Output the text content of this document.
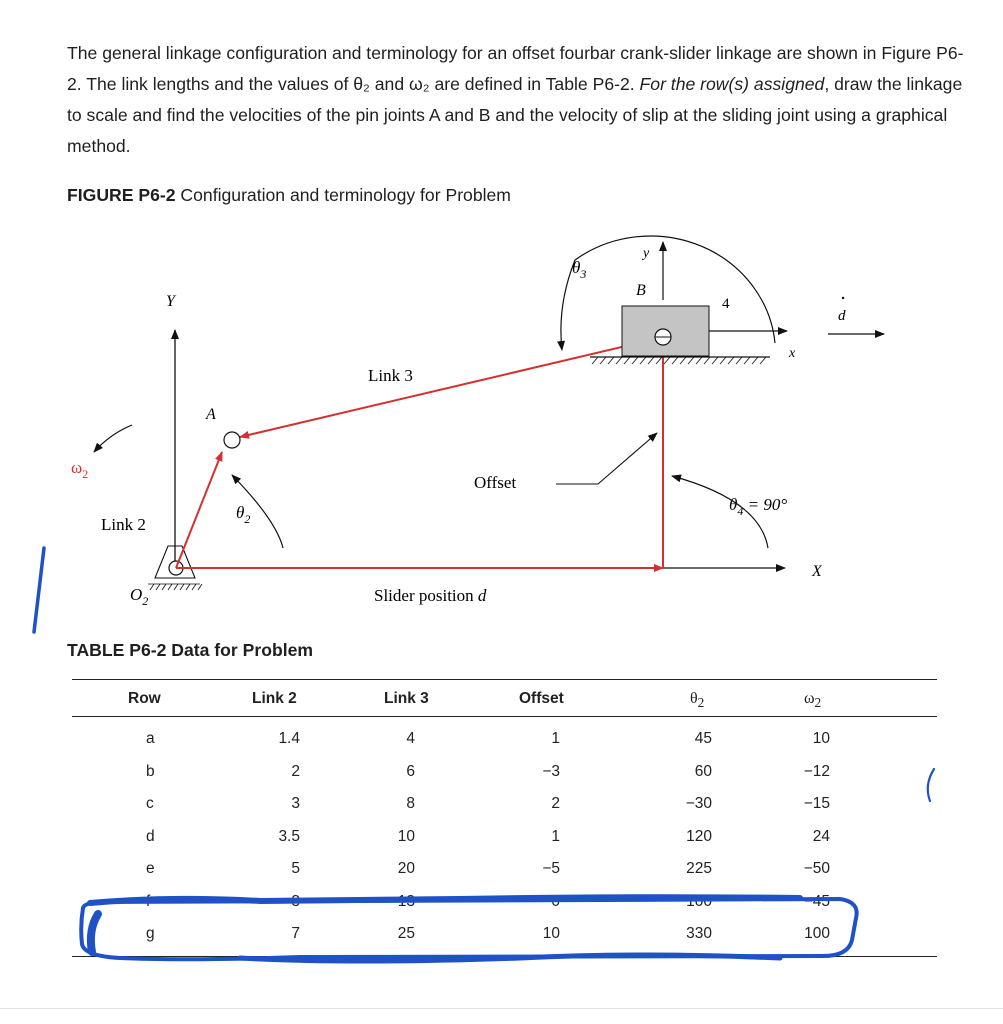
The general linkage configuration and terminology for an offset fourbar crank-slider linkage are shown in Figure P6-2. The link lengths and the values of θ₂ and ω₂ are defined in Table P6-2. For the row(s) assigned, draw the linkage to scale and find the velocities of the pin joints A and B and the velocity of slip at the sliding joint using a graphical method.

FIGURE P6-2 Configuration and terminology for Problem
Y
X
$O_2$
A
B
4
y
x
d
$\theta_3$
Link 3
Offset
$\omega_2$
Link 2
$\theta_2$
$\theta_4 = 90^\circ$
Slider position d
TABLE P6-2 Data for Problem
Row	Link 2	Link 3	Offset	$\theta_2$	$\omega_2$
a	1.4	4	1	45	10
b	2	6	−3	60	−12
c	3	8	2	−30	−15
d	3.5	10	1	120	24
e	5	20	−5	225	−50
f	3	13	0	100	−45
g	7	25	10	330	100
